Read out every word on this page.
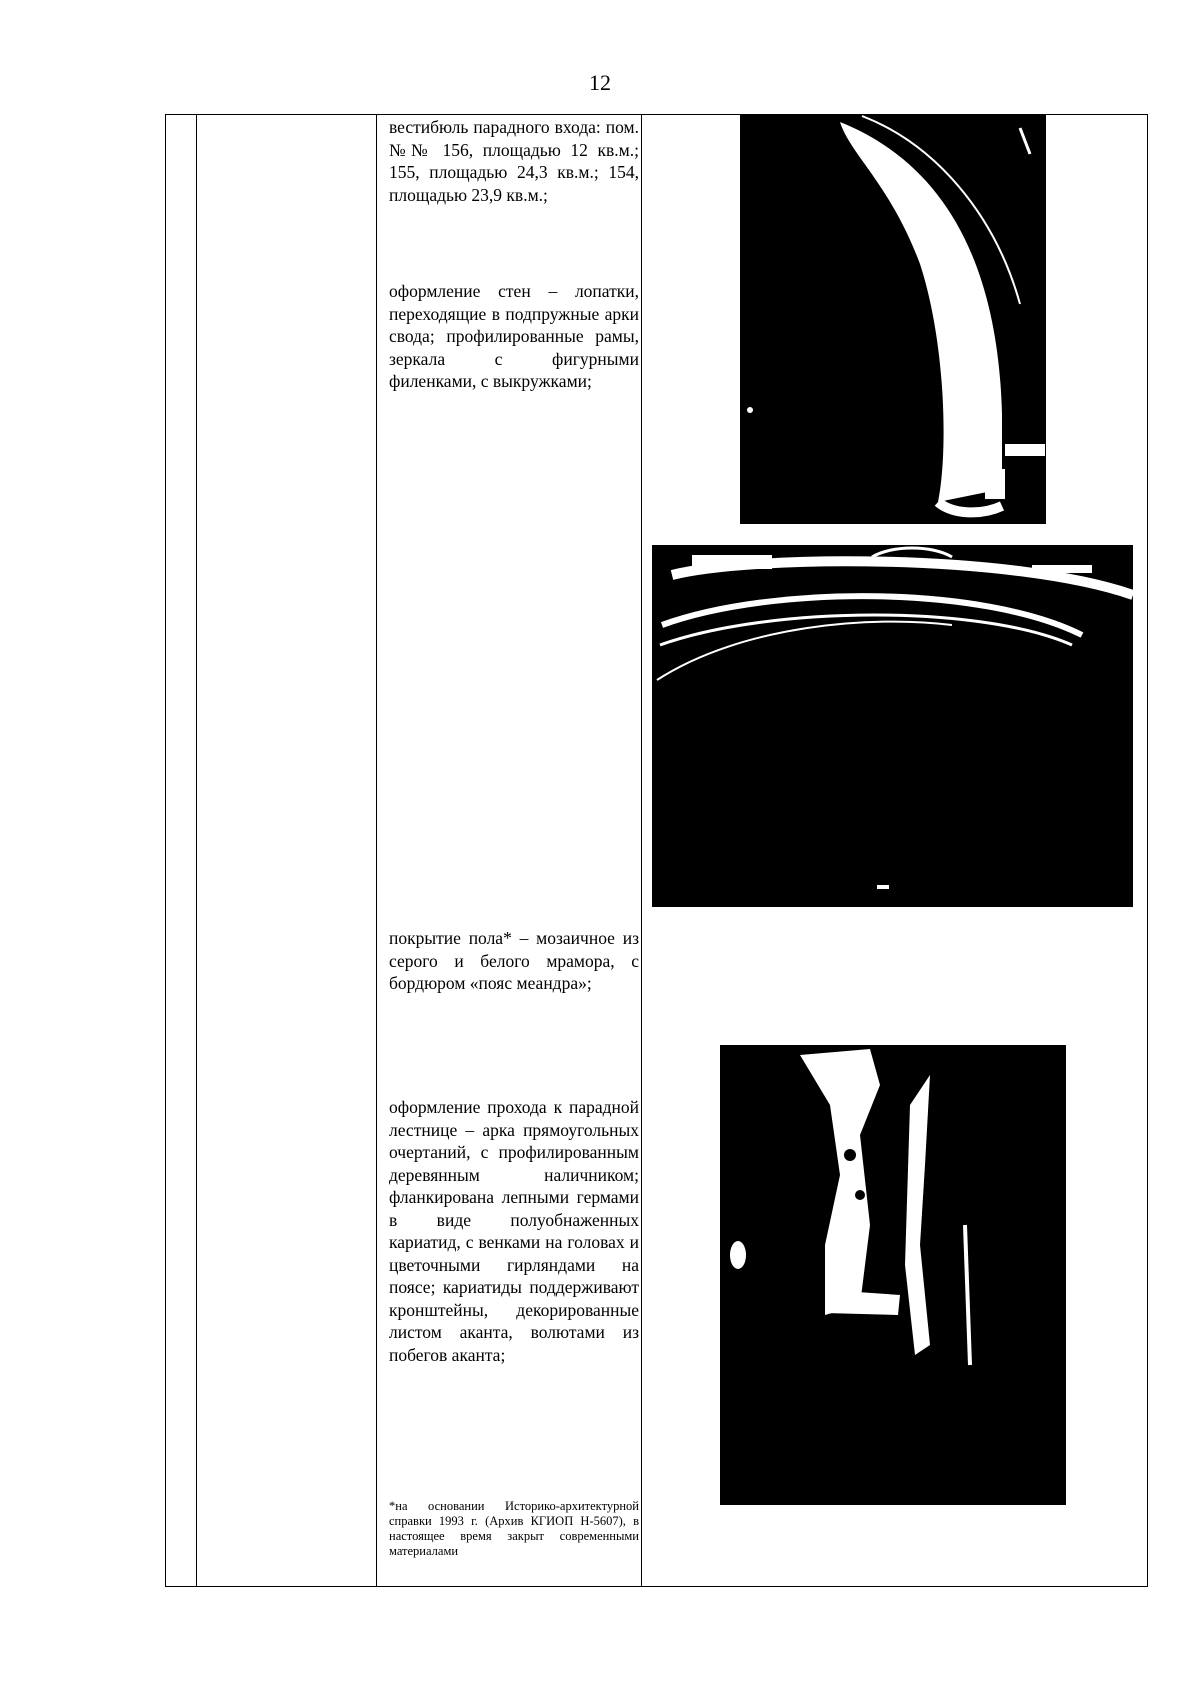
12
вестибюль парадного входа: пом. №№ 156, площадью 12 кв.м.; 155, площадью 24,3 кв.м.; 154, площадью 23,9 кв.м.;
оформление стен – лопатки, переходящие в подпружные арки свода; профилированные рамы, зеркала с фигурными филенками, с выкружками;
покрытие пола* – мозаичное из серого и белого мрамора, с бордюром «пояс меандра»;
оформление прохода к парадной лестнице – арка прямоугольных очертаний, с профилированным деревянным наличником; фланкирована лепными гермами в виде полуобнаженных кариатид, с венками на головах и цветочными гирляндами на поясе; кариатиды поддерживают кронштейны, декорированные листом аканта, волютами из побегов аканта;
*на основании Историко-архитектурной справки 1993 г. (Архив КГИОП Н-5607), в настоящее время закрыт современными материалами
